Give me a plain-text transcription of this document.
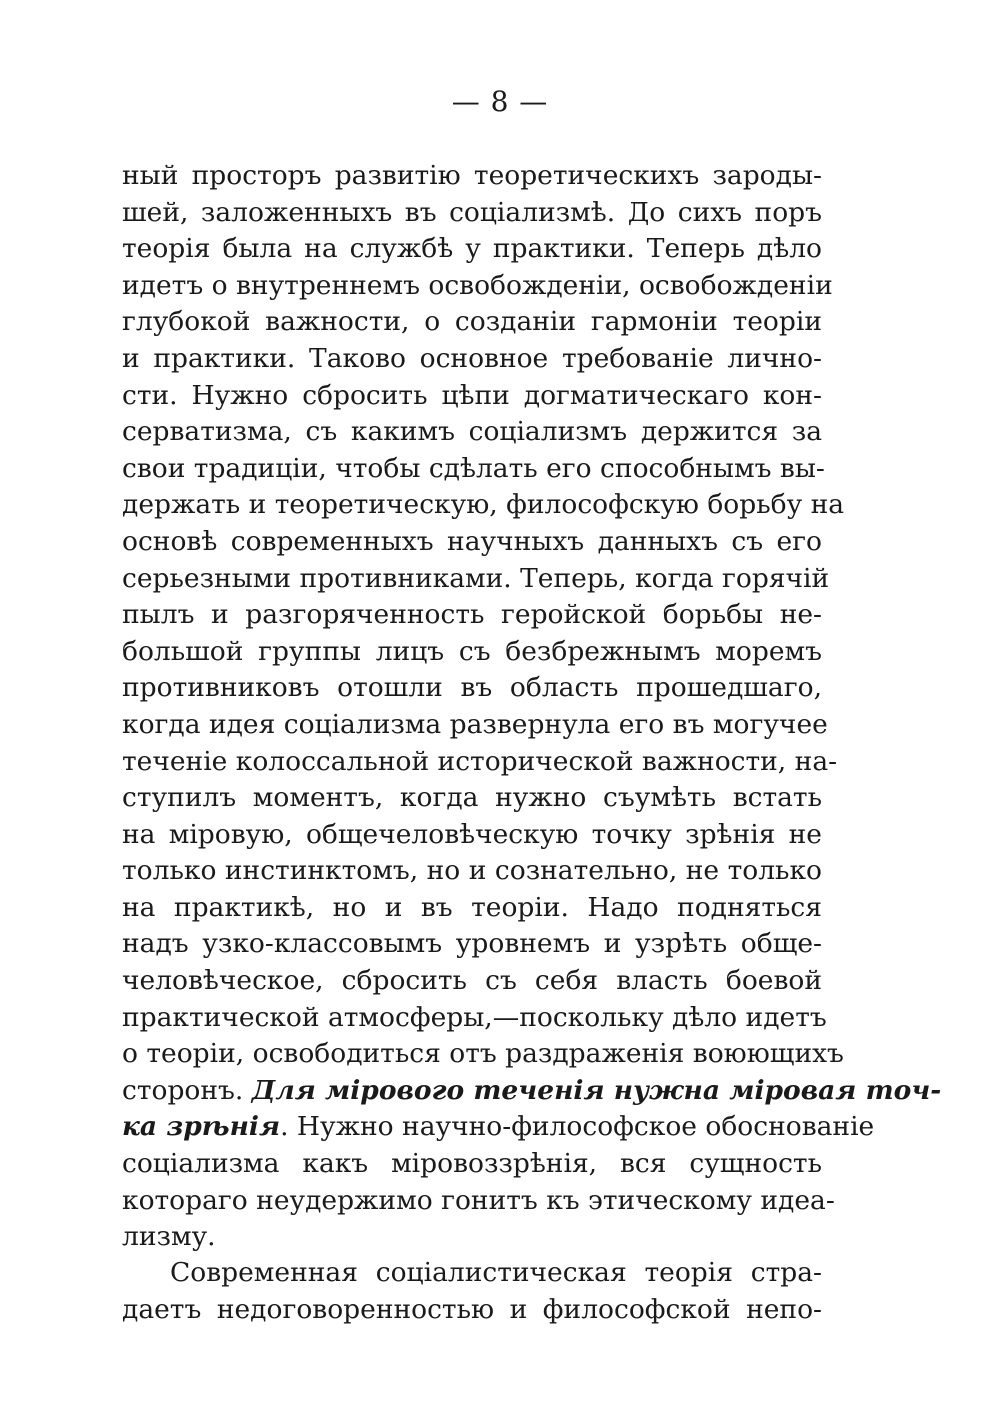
— 8 —
ный просторъ развитію теоретическихъ зароды-
шей, заложенныхъ въ соціализмѣ. До сихъ поръ
теорія была на службѣ у практики. Теперь дѣло
идетъ о внутреннемъ освобожденіи, освобожденіи
глубокой важности, о созданіи гармоніи теоріи
и практики. Таково основное требованіе лично-
сти. Нужно сбросить цѣпи догматическаго кон-
серватизма, съ какимъ соціализмъ держится за
свои традиціи, чтобы сдѣлать его способнымъ вы-
держать и теоретическую, философскую борьбу на
основѣ современныхъ научныхъ данныхъ съ его
серьезными противниками. Теперь, когда горячій
пылъ и разгоряченность геройской борьбы не-
большой группы лицъ съ безбрежнымъ моремъ
противниковъ отошли въ область прошедшаго,
когда идея соціализма развернула его въ могучее
теченіе колоссальной исторической важности, на-
ступилъ моментъ, когда нужно съумѣть встать
на міровую, общечеловѣческую точку зрѣнія не
только инстинктомъ, но и сознательно, не только
на практикѣ, но и въ теоріи. Надо подняться
надъ узко-классовымъ уровнемъ и узрѣть обще-
человѣческое, сбросить съ себя власть боевой
практической атмосферы,—поскольку дѣло идетъ
о теоріи, освободиться отъ раздраженія воюющихъ
сторонъ. Для мірового теченія нужна міровая точ-
ка зрѣнія. Нужно научно-философское обоснованіе
соціализма какъ міровоззрѣнія, вся сущность
котораго неудержимо гонитъ къ этическому идеа-
лизму.
Современная соціалистическая теорія стра-
даетъ недоговоренностью и философской непо-
